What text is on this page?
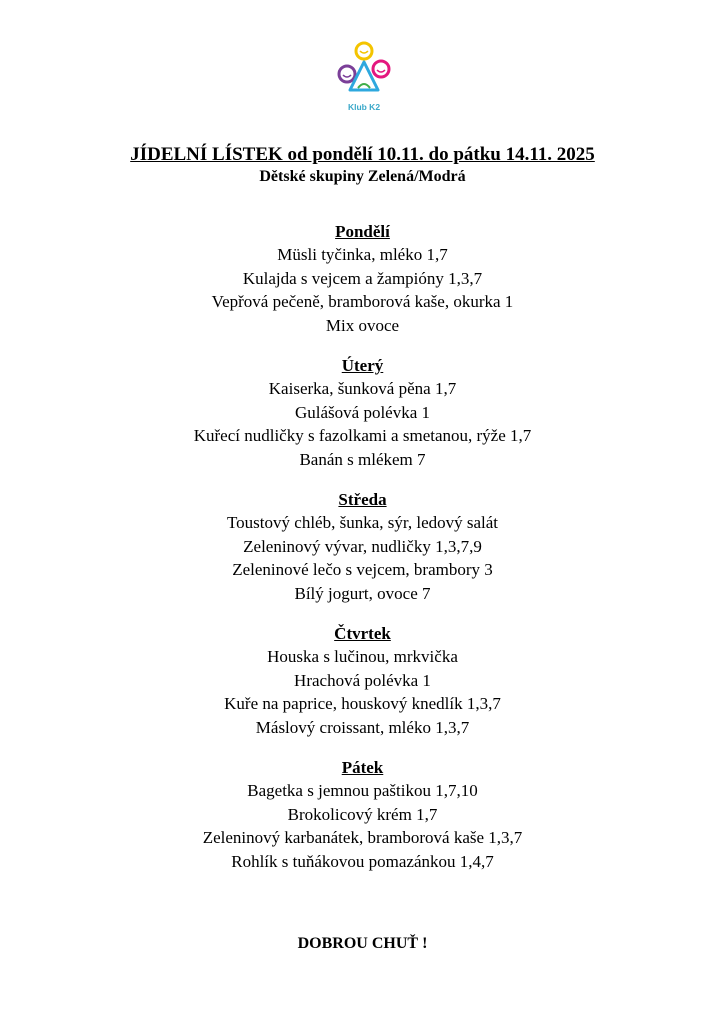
Klub K2
JÍDELNÍ LÍSTEK od pondělí 10.11. do pátku 14.11. 2025
Dětské skupiny Zelená/Modrá
Pondělí
Müsli tyčinka, mléko 1,7
Kulajda s vejcem a žampióny 1,3,7
Vepřová pečeně, bramborová kaše, okurka 1
Mix ovoce
Úterý
Kaiserka, šunková pěna 1,7
Gulášová polévka 1
Kuřecí nudličky s fazolkami a smetanou, rýže 1,7
Banán s mlékem 7
Středa
Toustový chléb, šunka, sýr, ledový salát
Zeleninový vývar, nudličky 1,3,7,9
Zeleninové lečo s vejcem, brambory 3
Bílý jogurt, ovoce 7
Čtvrtek
Houska s lučinou, mrkvička
Hrachová polévka 1
Kuře na paprice, houskový knedlík 1,3,7
Máslový croissant, mléko 1,3,7
Pátek
Bagetka s jemnou paštikou 1,7,10
Brokolicový krém 1,7
Zeleninový karbanátek, bramborová kaše 1,3,7
Rohlík s tuňákovou pomazánkou 1,4,7
DOBROU CHUŤ !
